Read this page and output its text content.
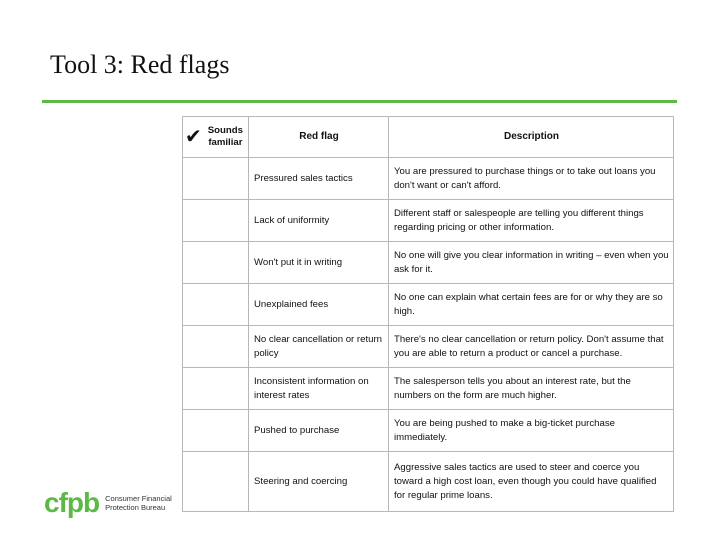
Tool 3: Red flags
✔ Sounds familiar	Red flag	Description
	Pressured sales tactics	You are pressured to purchase things or to take out loans you don't want or can't afford.
	Lack of uniformity	Different staff or salespeople are telling you different things regarding pricing or other information.
	Won't put it in writing	No one will give you clear information in writing – even when you ask for it.
	Unexplained fees	No one can explain what certain fees are for or why they are so high.
	No clear cancellation or return policy	There's no clear cancellation or return policy. Don't assume that you are able to return a product or cancel a purchase.
	Inconsistent information on interest rates	The salesperson tells you about an interest rate, but the numbers on the form are much higher.
	Pushed to purchase	You are being pushed to make a big-ticket purchase immediately.
	Steering and coercing	Aggressive sales tactics are used to steer and coerce you toward a high cost loan, even though you could have qualified for regular prime loans.
cfpb Consumer Financial
Protection Bureau
